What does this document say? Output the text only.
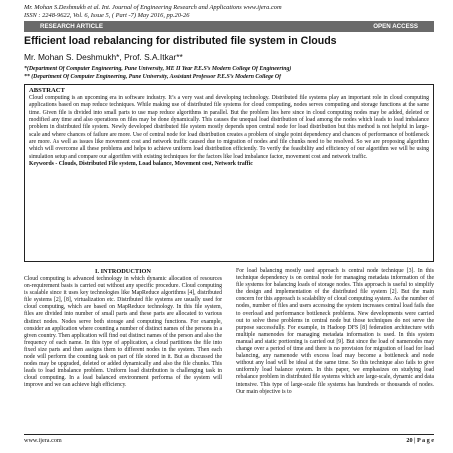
Mr. Mohan S.Deshmukh et al. Int. Journal of Engineering Research and Applications www.ijera.com
ISSN : 2248-9622, Vol. 6, Issue 5, ( Part -7) May 2016, pp.20-26
RESEARCH ARTICLE	OPEN ACCESS
Efficient load rebalancing for distributed file system in Clouds
Mr. Mohan S. Deshmukh*, Prof. S.A.Itkar**
*(Department Of Computer Engineering, Pune University, ME II Year P.E.S’s Modern College Of Engineering)
** (Department Of Computer Engineering, Pune University, Assistant Professor P.E.S’s Modern College Of
ABSTRACT
Cloud computing is an upcoming era in software industry. It’s a very vast and developing technology. Distributed file systems play an important role in cloud computing applications based on map reduce techniques. While making use of distributed file systems for cloud computing, nodes serves computing and storage functions at the same time. Given file is divided into small parts to use map reduce algorithms in parallel. But the problem lies here since in cloud computing nodes may be added, deleted or modified any time and also operations on files may be done dynamically. This causes the unequal load distribution of load among the nodes which leads to load imbalance problem in distributed file system. Newly developed distributed file system mostly depends upon central node for load distribution but this method is not helpful in large-scale and where chances of failure are more. Use of central node for load distribution creates a problem of single point dependency and chances of performance of bottleneck are more. As well as issues like movement cost and network traffic caused due to migration of nodes and file chunks need to be resolved. So we are proposing algorithm which will overcome all these problems and helps to achieve uniform load distribution efficiently. To verify the feasibility and efficiency of our algorithm we will be using simulation setup and compare our algorithm with existing techniques for the factors like load imbalance factor, movement cost and network traffic.
Keywords - Clouds, Distributed File system, Load balance, Movement cost, Network traffic
I. INTRODUCTION
Cloud computing is advanced technology in which dynamic allocation of resources on-requirement basis is carried out without any specific procedure. Cloud computing is scalable since it uses key technologies like MapReduce algorithms [4], distributed file systems [2], [8], virtualization etc. Distributed file systems are usually used for cloud computing, which are based on MapReduce technology. In this file system, files are divided into number of small parts and these parts are allocated to various distinct nodes. Nodes serve both storage and computing functions. For example, consider an application where counting a number of distinct names of the persons in a given country. Then application will find out distinct names of the person and also the frequency of each name. In this type of application, a cloud partitions the file into fixed size parts and then assigns them to different nodes in the system. Then each node will perform the counting task on part of file stored in it. But as discussed the nodes may be upgraded, deleted or added dynamically and also the file chunks. This leads to load imbalance problem. Uniform load distribution is challenging task in cloud computing. In a load balanced environment performa of the system will improve and we can achieve high efficiency.
For load balancing mostly used approach is central node technique [3]. In this technique dependency is on central node for managing metadata information of the file systems for balancing loads of storage nodes. This approach is useful to simplify the design and implementation of the distributed file system [2]. But the main concern for this approach is scalability of cloud computing system. As the number of nodes, number of files and users accessing the system increases central load fails due to overload and performance bottleneck problems. New developments were carried out to solve these problems in central node but those techniques do not serve the purpose successfully. For example, in Hadoop DFS [8] federation architecture with multiple namenodes for managing metadata information is used. In this system manual and static portioning is carried out [9]. But since the load of namenodes may change over a period of time and there is no provision for migration of load for load balancing, any namenode with excess load may become a bottleneck and node without any load will be ideal at the same time. So this technique also fails to give uniformly load balance system. In this paper, we emphasizes on studying load rebalance problem in distributed file systems which are large-scale, dynamic and data intensive. This type of large-scale file systems has hundreds or thousands of nodes. Our main objective is to
www.ijera.com	20 | P a g e
